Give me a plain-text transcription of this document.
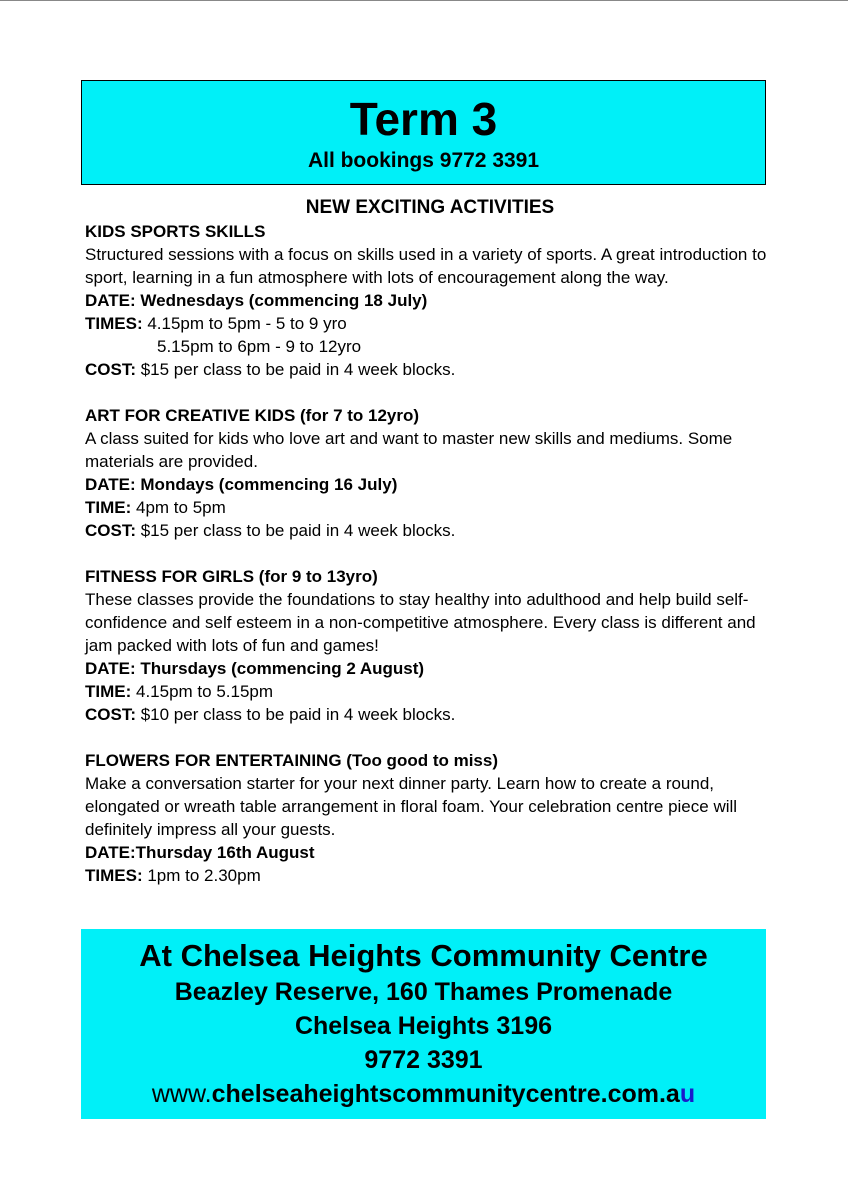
Term 3
All bookings 9772 3391

NEW EXCITING ACTIVITIES

KIDS SPORTS SKILLS

Structured sessions with a focus on skills used in a variety of sports. A great introduction to sport, learning in a fun atmosphere with lots of encouragement along the way.

DATE: Wednesdays (commencing 18 July)

TIMES: 4.15pm to 5pm - 5 to 9 yro

5.15pm to 6pm - 9 to 12yro

COST: $15 per class to be paid in 4 week blocks.

ART FOR CREATIVE KIDS (for 7 to 12yro)

A class suited for kids who love art and want to master new skills and mediums. Some materials are provided.

DATE: Mondays (commencing 16 July)

TIME: 4pm to 5pm

COST: $15 per class to be paid in 4 week blocks.

FITNESS FOR GIRLS (for 9 to 13yro)

These classes provide the foundations to stay healthy into adulthood and help build self-confidence and self esteem in a non-competitive atmosphere. Every class is different and jam packed with lots of fun and games!

DATE: Thursdays (commencing 2 August)

TIME: 4.15pm to 5.15pm

COST: $10 per class to be paid in 4 week blocks.

FLOWERS FOR ENTERTAINING (Too good to miss)

Make a conversation starter for your next dinner party. Learn how to create a round, elongated or wreath table arrangement in floral foam. Your celebration centre piece will definitely impress all your guests.

DATE:Thursday 16th August

TIMES: 1pm to 2.30pm

At Chelsea Heights Community Centre
Beazley Reserve, 160 Thames Promenade
Chelsea Heights 3196
9772 3391
www.chelseaheightscommunitycentre.com.au
